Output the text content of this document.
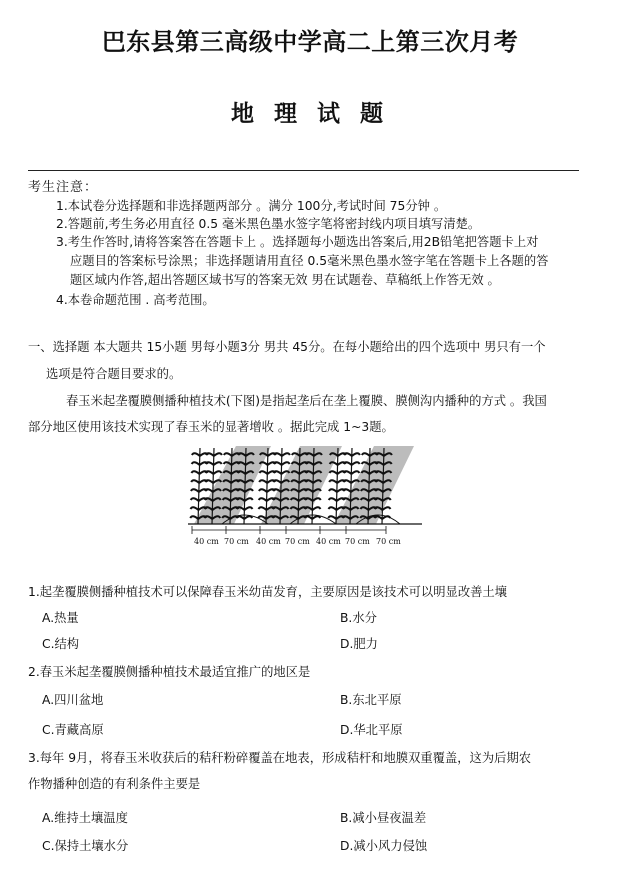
巴东县第三高级中学高二上第三次月考
地 理 试 题
考生注意：
1.本试卷分选择题和非选择题两部分 。满分 100分,考试时间 75分钟 。
2.答题前,考生务必用直径 0.5 毫米黑色墨水签字笔将密封线内项目填写清楚。
3.考生作答时,请将答案答在答题卡上 。选择题每小题选出答案后,用2B铅笔把答题卡上对
应题目的答案标号涂黑；非选择题请用直径 0.5毫米黑色墨水签字笔在答题卡上各题的答
题区域内作答,超出答题区域书写的答案无效 男在试题卷、草稿纸上作答无效 。
4.本卷命题范围 . 高考范围。
一、选择题 本大题共 15小题 男每小题3分 男共 45分。在每小题给出的四个选项中 男只有一个
选项是符合题目要求的。
春玉米起垄覆膜侧播种植技术(下图)是指起垄后在垄上覆膜、膜侧沟内播种的方式 。我国
部分地区使用该技术实现了春玉米的显著增收 。据此完成 1~3题。
40 cm 70 cm 40 cm 70 cm 40 cm 70 cm 70 cm
1.起垄覆膜侧播种植技术可以保障春玉米幼苗发育，主要原因是该技术可以明显改善土壤
A.热量	B.水分
C.结构	D.肥力
2.春玉米起垄覆膜侧播种植技术最适宜推广的地区是
A.四川盆地	B.东北平原
C.青藏高原	D.华北平原
3.每年 9月，将春玉米收获后的秸秆粉碎覆盖在地表，形成秸杆和地膜双重覆盖，这为后期农
作物播种创造的有利条件主要是
A.维持土壤温度	B.减小昼夜温差
C.保持土壤水分	D.减小风力侵蚀
